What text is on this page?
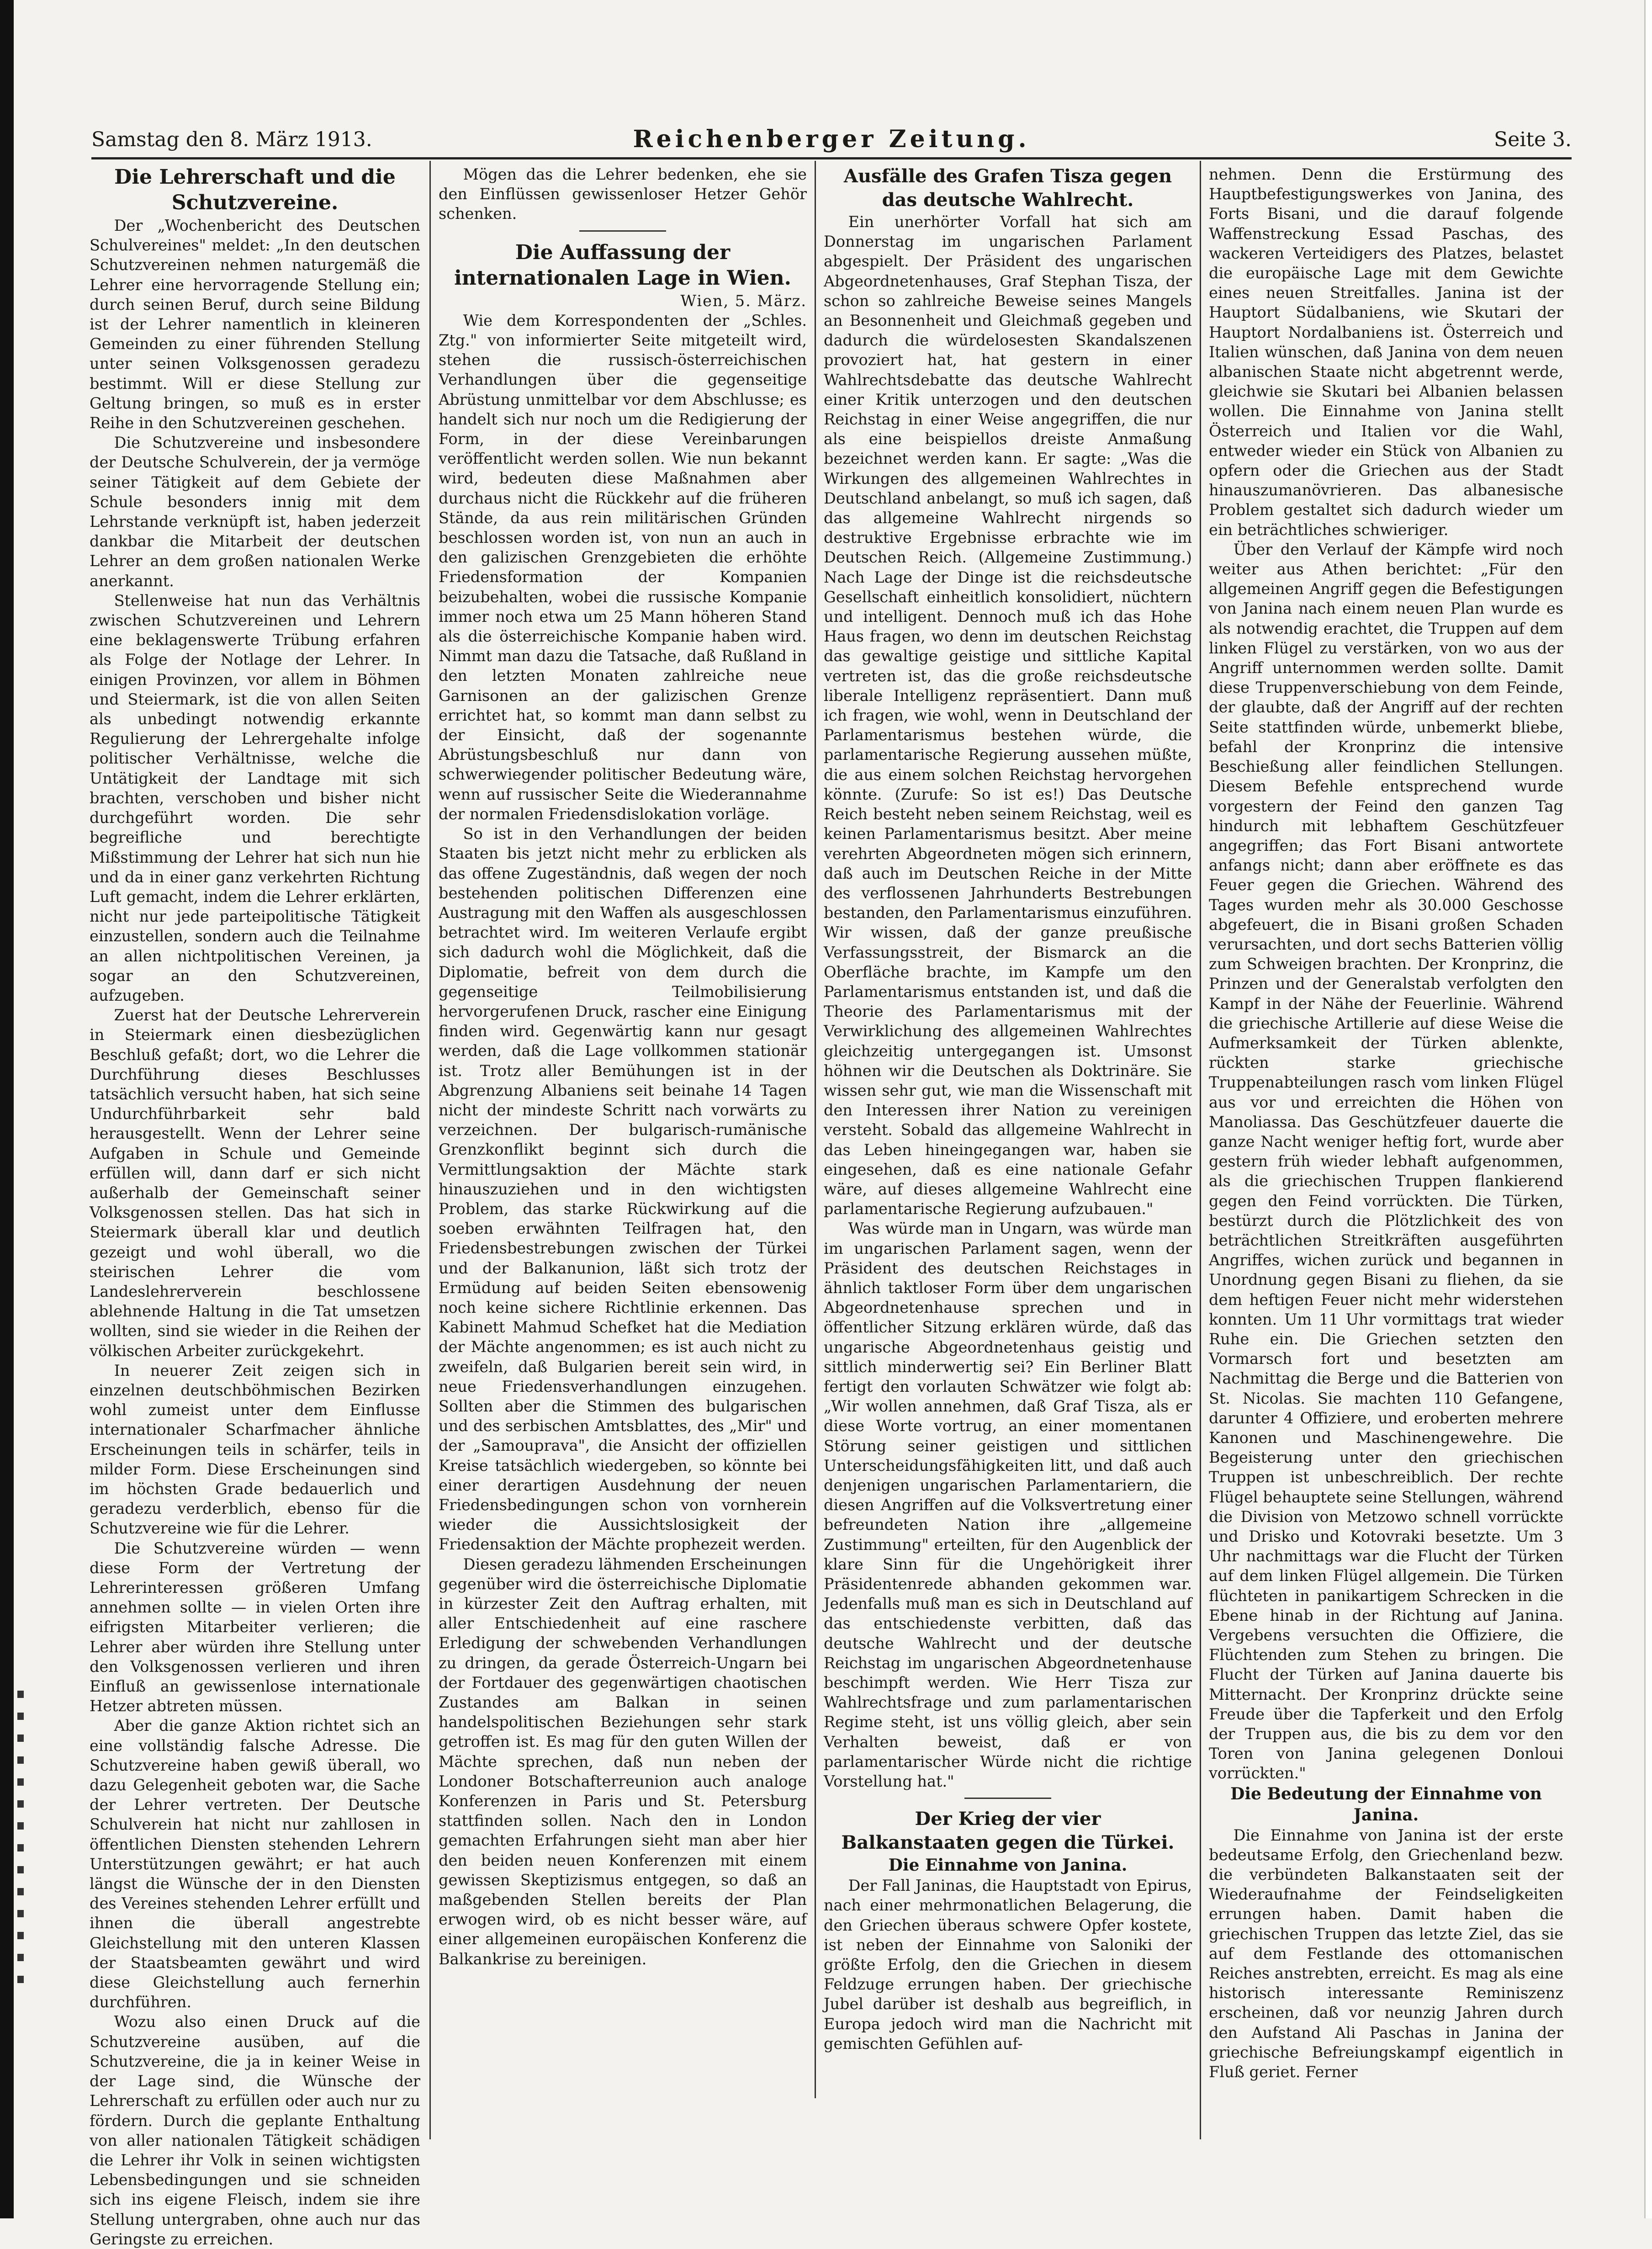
Samstag den 8. März 1913.	Reichenberger Zeitung.	Seite 3.

Die Lehrerschaft und die Schutzvereine.

Der „Wochenbericht des Deutschen Schulvereines" meldet: „In den deutschen Schutzvereinen nehmen naturgemäß die Lehrer eine hervorragende Stellung ein; durch seinen Beruf, durch seine Bildung ist der Lehrer namentlich in kleineren Gemeinden zu einer führenden Stellung unter seinen Volksgenossen geradezu bestimmt. Will er diese Stellung zur Geltung bringen, so muß es in erster Reihe in den Schutzvereinen geschehen.

Die Schutzvereine und insbesondere der Deutsche Schulverein, der ja vermöge seiner Tätigkeit auf dem Gebiete der Schule besonders innig mit dem Lehrstande verknüpft ist, haben jederzeit dankbar die Mitarbeit der deutschen Lehrer an dem großen nationalen Werke anerkannt.

Stellenweise hat nun das Verhältnis zwischen Schutzvereinen und Lehrern eine beklagenswerte Trübung erfahren als Folge der Notlage der Lehrer. In einigen Provinzen, vor allem in Böhmen und Steiermark, ist die von allen Seiten als unbedingt notwendig erkannte Regulierung der Lehrergehalte infolge politischer Verhältnisse, welche die Untätigkeit der Landtage mit sich brachten, verschoben und bisher nicht durchgeführt worden. Die sehr begreifliche und berechtigte Mißstimmung der Lehrer hat sich nun hie und da in einer ganz verkehrten Richtung Luft gemacht, indem die Lehrer erklärten, nicht nur jede parteipolitische Tätigkeit einzustellen, sondern auch die Teilnahme an allen nichtpolitischen Vereinen, ja sogar an den Schutzvereinen, aufzugeben.

Zuerst hat der Deutsche Lehrerverein in Steiermark einen diesbezüglichen Beschluß gefaßt; dort, wo die Lehrer die Durchführung dieses Beschlusses tatsächlich versucht haben, hat sich seine Undurchführbarkeit sehr bald herausgestellt. Wenn der Lehrer seine Aufgaben in Schule und Gemeinde erfüllen will, dann darf er sich nicht außerhalb der Gemeinschaft seiner Volksgenossen stellen. Das hat sich in Steiermark überall klar und deutlich gezeigt und wohl überall, wo die steirischen Lehrer die vom Landeslehrerverein beschlossene ablehnende Haltung in die Tat umsetzen wollten, sind sie wieder in die Reihen der völkischen Arbeiter zurückgekehrt.

In neuerer Zeit zeigen sich in einzelnen deutschböhmischen Bezirken wohl zumeist unter dem Einflusse internationaler Scharfmacher ähnliche Erscheinungen teils in schärfer, teils in milder Form. Diese Erscheinungen sind im höchsten Grade bedauerlich und geradezu verderblich, ebenso für die Schutzvereine wie für die Lehrer.

Die Schutzvereine würden — wenn diese Form der Vertretung der Lehrerinteressen größeren Umfang annehmen sollte — in vielen Orten ihre eifrigsten Mitarbeiter verlieren; die Lehrer aber würden ihre Stellung unter den Volksgenossen verlieren und ihren Einfluß an gewissenlose internationale Hetzer abtreten müssen.

Aber die ganze Aktion richtet sich an eine vollständig falsche Adresse. Die Schutzvereine haben gewiß überall, wo dazu Gelegenheit geboten war, die Sache der Lehrer vertreten. Der Deutsche Schulverein hat nicht nur zahllosen in öffentlichen Diensten stehenden Lehrern Unterstützungen gewährt; er hat auch längst die Wünsche der in den Diensten des Vereines stehenden Lehrer erfüllt und ihnen die überall angestrebte Gleichstellung mit den unteren Klassen der Staatsbeamten gewährt und wird diese Gleichstellung auch fernerhin durchführen.

Wozu also einen Druck auf die Schutzvereine ausüben, auf die Schutzvereine, die ja in keiner Weise in der Lage sind, die Wünsche der Lehrerschaft zu erfüllen oder auch nur zu fördern. Durch die geplante Enthaltung von aller nationalen Tätigkeit schädigen die Lehrer ihr Volk in seinen wichtigsten Lebensbedingungen und sie schneiden sich ins eigene Fleisch, indem sie ihre Stellung untergraben, ohne auch nur das Geringste zu erreichen.

Mögen das die Lehrer bedenken, ehe sie den Einflüssen gewissenloser Hetzer Gehör schenken.

Die Auffassung der internationalen Lage in Wien.

Wien, 5. März.

Wie dem Korrespondenten der „Schles. Ztg." von informierter Seite mitgeteilt wird, stehen die russisch-österreichischen Verhandlungen über die gegenseitige Abrüstung unmittelbar vor dem Abschlusse; es handelt sich nur noch um die Redigierung der Form, in der diese Vereinbarungen veröffentlicht werden sollen. Wie nun bekannt wird, bedeuten diese Maßnahmen aber durchaus nicht die Rückkehr auf die früheren Stände, da aus rein militärischen Gründen beschlossen worden ist, von nun an auch in den galizischen Grenzgebieten die erhöhte Friedensformation der Kompanien beizubehalten, wobei die russische Kompanie immer noch etwa um 25 Mann höheren Stand als die österreichische Kompanie haben wird. Nimmt man dazu die Tatsache, daß Rußland in den letzten Monaten zahlreiche neue Garnisonen an der galizischen Grenze errichtet hat, so kommt man dann selbst zu der Einsicht, daß der sogenannte Abrüstungsbeschluß nur dann von schwerwiegender politischer Bedeutung wäre, wenn auf russischer Seite die Wiederannahme der normalen Friedensdislokation vorläge.

So ist in den Verhandlungen der beiden Staaten bis jetzt nicht mehr zu erblicken als das offene Zugeständnis, daß wegen der noch bestehenden politischen Differenzen eine Austragung mit den Waffen als ausgeschlossen betrachtet wird. Im weiteren Verlaufe ergibt sich dadurch wohl die Möglichkeit, daß die Diplomatie, befreit von dem durch die gegenseitige Teilmobilisierung hervorgerufenen Druck, rascher eine Einigung finden wird. Gegenwärtig kann nur gesagt werden, daß die Lage vollkommen stationär ist. Trotz aller Bemühungen ist in der Abgrenzung Albaniens seit beinahe 14 Tagen nicht der mindeste Schritt nach vorwärts zu verzeichnen. Der bulgarisch-rumänische Grenzkonflikt beginnt sich durch die Vermittlungsaktion der Mächte stark hinauszuziehen und in den wichtigsten Problem, das starke Rückwirkung auf die soeben erwähnten Teilfragen hat, den Friedensbestrebungen zwischen der Türkei und der Balkanunion, läßt sich trotz der Ermüdung auf beiden Seiten ebensowenig noch keine sichere Richtlinie erkennen. Das Kabinett Mahmud Schefket hat die Mediation der Mächte angenommen; es ist auch nicht zu zweifeln, daß Bulgarien bereit sein wird, in neue Friedensverhandlungen einzugehen. Sollten aber die Stimmen des bulgarischen und des serbischen Amtsblattes, des „Mir" und der „Samouprava", die Ansicht der offiziellen Kreise tatsächlich wiedergeben, so könnte bei einer derartigen Ausdehnung der neuen Friedensbedingungen schon von vornherein wieder die Aussichtslosigkeit der Friedensaktion der Mächte prophezeit werden.

Diesen geradezu lähmenden Erscheinungen gegenüber wird die österreichische Diplomatie in kürzester Zeit den Auftrag erhalten, mit aller Entschiedenheit auf eine raschere Erledigung der schwebenden Verhandlungen zu dringen, da gerade Österreich-Ungarn bei der Fortdauer des gegenwärtigen chaotischen Zustandes am Balkan in seinen handelspolitischen Beziehungen sehr stark getroffen ist. Es mag für den guten Willen der Mächte sprechen, daß nun neben der Londoner Botschafterreunion auch analoge Konferenzen in Paris und St. Petersburg stattfinden sollen. Nach den in London gemachten Erfahrungen sieht man aber hier den beiden neuen Konferenzen mit einem gewissen Skeptizismus entgegen, so daß an maßgebenden Stellen bereits der Plan erwogen wird, ob es nicht besser wäre, auf einer allgemeinen europäischen Konferenz die Balkankrise zu bereinigen.

Ausfälle des Grafen Tisza gegen das deutsche Wahlrecht.

Ein unerhörter Vorfall hat sich am Donnerstag im ungarischen Parlament abgespielt. Der Präsident des ungarischen Abgeordnetenhauses, Graf Stephan Tisza, der schon so zahlreiche Beweise seines Mangels an Besonnenheit und Gleichmaß gegeben und dadurch die würdelosesten Skandalszenen provoziert hat, hat gestern in einer Wahlrechtsdebatte das deutsche Wahlrecht einer Kritik unterzogen und den deutschen Reichstag in einer Weise angegriffen, die nur als eine beispiellos dreiste Anmaßung bezeichnet werden kann. Er sagte: „Was die Wirkungen des allgemeinen Wahlrechtes in Deutschland anbelangt, so muß ich sagen, daß das allgemeine Wahlrecht nirgends so destruktive Ergebnisse erbrachte wie im Deutschen Reich. (Allgemeine Zustimmung.) Nach Lage der Dinge ist die reichsdeutsche Gesellschaft einheitlich konsolidiert, nüchtern und intelligent. Dennoch muß ich das Hohe Haus fragen, wo denn im deutschen Reichstag das gewaltige geistige und sittliche Kapital vertreten ist, das die große reichsdeutsche liberale Intelligenz repräsentiert. Dann muß ich fragen, wie wohl, wenn in Deutschland der Parlamentarismus bestehen würde, die parlamentarische Regierung aussehen müßte, die aus einem solchen Reichstag hervorgehen könnte. (Zurufe: So ist es!) Das Deutsche Reich besteht neben seinem Reichstag, weil es keinen Parlamentarismus besitzt. Aber meine verehrten Abgeordneten mögen sich erinnern, daß auch im Deutschen Reiche in der Mitte des verflossenen Jahrhunderts Bestrebungen bestanden, den Parlamentarismus einzuführen. Wir wissen, daß der ganze preußische Verfassungsstreit, der Bismarck an die Oberfläche brachte, im Kampfe um den Parlamentarismus entstanden ist, und daß die Theorie des Parlamentarismus mit der Verwirklichung des allgemeinen Wahlrechtes gleichzeitig untergegangen ist. Umsonst höhnen wir die Deutschen als Doktrinäre. Sie wissen sehr gut, wie man die Wissenschaft mit den Interessen ihrer Nation zu vereinigen versteht. Sobald das allgemeine Wahlrecht in das Leben hineingegangen war, haben sie eingesehen, daß es eine nationale Gefahr wäre, auf dieses allgemeine Wahlrecht eine parlamentarische Regierung aufzubauen."

Was würde man in Ungarn, was würde man im ungarischen Parlament sagen, wenn der Präsident des deutschen Reichstages in ähnlich taktloser Form über dem ungarischen Abgeordnetenhause sprechen und in öffentlicher Sitzung erklären würde, daß das ungarische Abgeordnetenhaus geistig und sittlich minderwertig sei? Ein Berliner Blatt fertigt den vorlauten Schwätzer wie folgt ab: „Wir wollen annehmen, daß Graf Tisza, als er diese Worte vortrug, an einer momentanen Störung seiner geistigen und sittlichen Unterscheidungsfähigkeiten litt, und daß auch denjenigen ungarischen Parlamentariern, die diesen Angriffen auf die Volksvertretung einer befreundeten Nation ihre „allgemeine Zustimmung" erteilten, für den Augenblick der klare Sinn für die Ungehörigkeit ihrer Präsidentenrede abhanden gekommen war. Jedenfalls muß man es sich in Deutschland auf das entschiedenste verbitten, daß das deutsche Wahlrecht und der deutsche Reichstag im ungarischen Abgeordnetenhause beschimpft werden. Wie Herr Tisza zur Wahlrechtsfrage und zum parlamentarischen Regime steht, ist uns völlig gleich, aber sein Verhalten beweist, daß er von parlamentarischer Würde nicht die richtige Vorstellung hat."

Der Krieg der vier

Balkanstaaten gegen die Türkei.

Die Einnahme von Janina.

Der Fall Janinas, die Hauptstadt von Epirus, nach einer mehrmonatlichen Belagerung, die den Griechen überaus schwere Opfer kostete, ist neben der Einnahme von Saloniki der größte Erfolg, den die Griechen in diesem Feldzuge errungen haben. Der griechische Jubel darüber ist deshalb aus begreiflich, in Europa jedoch wird man die Nachricht mit gemischten Gefühlen auf-

nehmen. Denn die Erstürmung des Hauptbefestigungswerkes von Janina, des Forts Bisani, und die darauf folgende Waffenstreckung Essad Paschas, des wackeren Verteidigers des Platzes, belastet die europäische Lage mit dem Gewichte eines neuen Streitfalles. Janina ist der Hauptort Südalbaniens, wie Skutari der Hauptort Nordalbaniens ist. Österreich und Italien wünschen, daß Janina von dem neuen albanischen Staate nicht abgetrennt werde, gleichwie sie Skutari bei Albanien belassen wollen. Die Einnahme von Janina stellt Österreich und Italien vor die Wahl, entweder wieder ein Stück von Albanien zu opfern oder die Griechen aus der Stadt hinauszumanövrieren. Das albanesische Problem gestaltet sich dadurch wieder um ein beträchtliches schwieriger.

Über den Verlauf der Kämpfe wird noch weiter aus Athen berichtet: „Für den allgemeinen Angriff gegen die Befestigungen von Janina nach einem neuen Plan wurde es als notwendig erachtet, die Truppen auf dem linken Flügel zu verstärken, von wo aus der Angriff unternommen werden sollte. Damit diese Truppenverschiebung von dem Feinde, der glaubte, daß der Angriff auf der rechten Seite stattfinden würde, unbemerkt bliebe, befahl der Kronprinz die intensive Beschießung aller feindlichen Stellungen. Diesem Befehle entsprechend wurde vorgestern der Feind den ganzen Tag hindurch mit lebhaftem Geschützfeuer angegriffen; das Fort Bisani antwortete anfangs nicht; dann aber eröffnete es das Feuer gegen die Griechen. Während des Tages wurden mehr als 30.000 Geschosse abgefeuert, die in Bisani großen Schaden verursachten, und dort sechs Batterien völlig zum Schweigen brachten. Der Kronprinz, die Prinzen und der Generalstab verfolgten den Kampf in der Nähe der Feuerlinie. Während die griechische Artillerie auf diese Weise die Aufmerksamkeit der Türken ablenkte, rückten starke griechische Truppenabteilungen rasch vom linken Flügel aus vor und erreichten die Höhen von Manoliassa. Das Geschützfeuer dauerte die ganze Nacht weniger heftig fort, wurde aber gestern früh wieder lebhaft aufgenommen, als die griechischen Truppen flankierend gegen den Feind vorrückten. Die Türken, bestürzt durch die Plötzlichkeit des von beträchtlichen Streitkräften ausgeführten Angriffes, wichen zurück und begannen in Unordnung gegen Bisani zu fliehen, da sie dem heftigen Feuer nicht mehr widerstehen konnten. Um 11 Uhr vormittags trat wieder Ruhe ein. Die Griechen setzten den Vormarsch fort und besetzten am Nachmittag die Berge und die Batterien von St. Nicolas. Sie machten 110 Gefangene, darunter 4 Offiziere, und eroberten mehrere Kanonen und Maschinengewehre. Die Begeisterung unter den griechischen Truppen ist unbeschreiblich. Der rechte Flügel behauptete seine Stellungen, während die Division von Metzowo schnell vorrückte und Drisko und Kotovraki besetzte. Um 3 Uhr nachmittags war die Flucht der Türken auf dem linken Flügel allgemein. Die Türken flüchteten in panikartigem Schrecken in die Ebene hinab in der Richtung auf Janina. Vergebens versuchten die Offiziere, die Flüchtenden zum Stehen zu bringen. Die Flucht der Türken auf Janina dauerte bis Mitternacht. Der Kronprinz drückte seine Freude über die Tapferkeit und den Erfolg der Truppen aus, die bis zu dem vor den Toren von Janina gelegenen Donloui vorrückten."

Die Bedeutung der Einnahme von Janina.

Die Einnahme von Janina ist der erste bedeutsame Erfolg, den Griechenland bezw. die verbündeten Balkanstaaten seit der Wiederaufnahme der Feindseligkeiten errungen haben. Damit haben die griechischen Truppen das letzte Ziel, das sie auf dem Festlande des ottomanischen Reiches anstrebten, erreicht. Es mag als eine historisch interessante Reminiszenz erscheinen, daß vor neunzig Jahren durch den Aufstand Ali Paschas in Janina der griechische Befreiungskampf eigentlich in Fluß geriet. Ferner
